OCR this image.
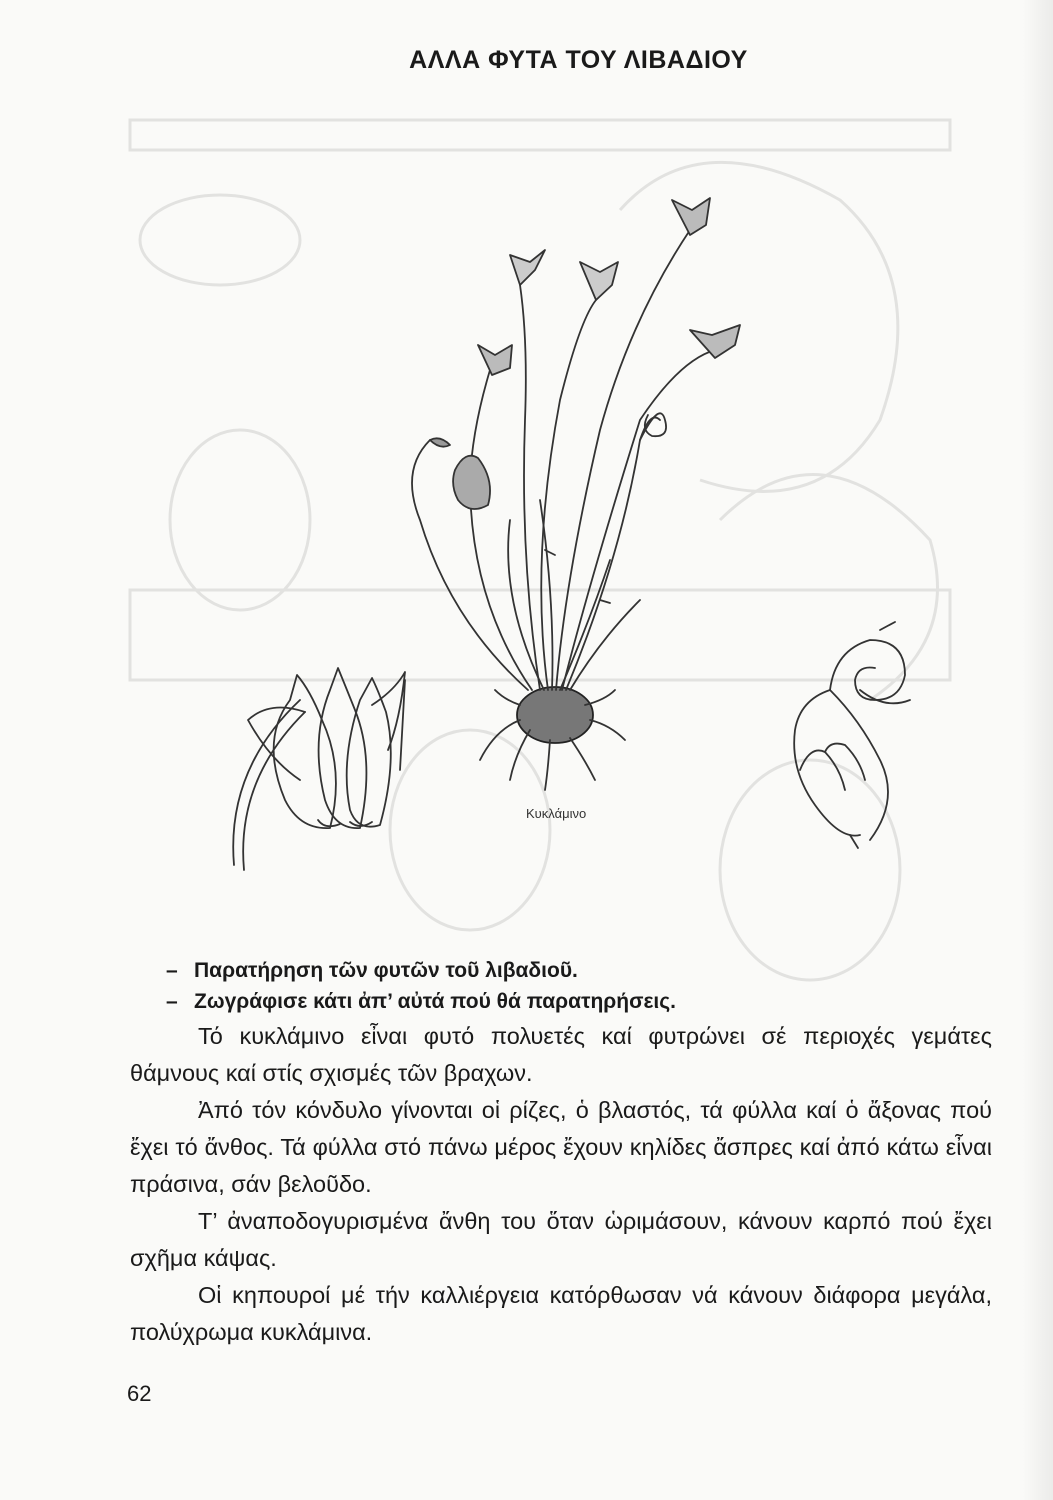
ΑΛΛΑ ΦΥΤΑ ΤΟΥ ΛΙΒΑΔΙΟΥ
Κυκλάμινο
– Παρατήρηση τῶν φυτῶν τοῦ λιβαδιοῦ.
– Ζωγράφισε κάτι ἀπ’ αὐτά πού θά παρατηρήσεις.

Τό κυκλάμινο εἶναι φυτό πολυετές καί φυτρώνει σέ περιοχές γεμάτες θάμνους καί στίς σχισμές τῶν βραχων.

Ἀπό τόν κόνδυλο γίνονται οἱ ρίζες, ὁ βλαστός, τά φύλλα καί ὁ ἄξονας πού ἔχει τό ἄνθος. Τά φύλλα στό πάνω μέρος ἔχουν κηλίδες ἄσπρες καί ἀπό κάτω εἶναι πράσινα, σάν βελοῦδο.

Τ’ ἀναποδογυρισμένα ἄνθη του ὅταν ὡριμάσουν, κάνουν καρπό πού ἔχει σχῆμα κάψας.

Οἱ κηπουροί μέ τήν καλλιέργεια κατόρθωσαν νά κάνουν διάφορα μεγάλα, πολύχρωμα κυκλάμινα.

62
